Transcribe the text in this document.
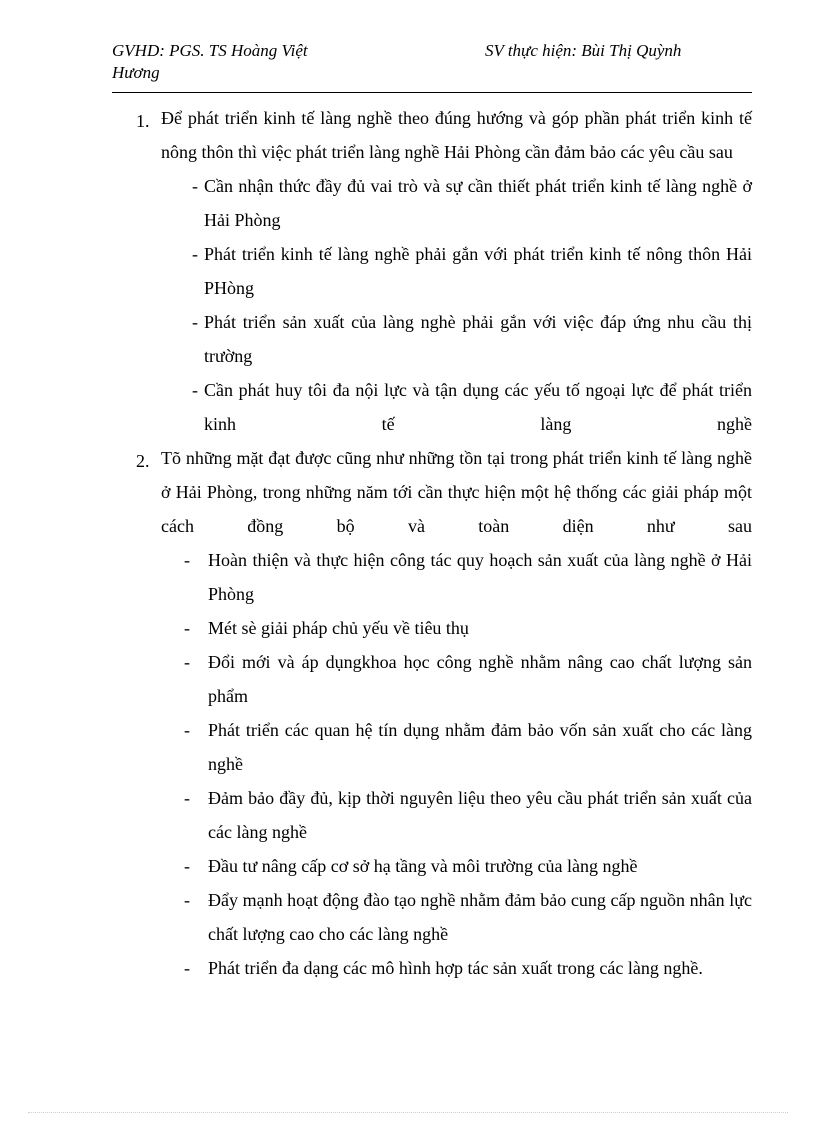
GVHD: PGS. TS Hoàng Việt Hương
SV thực hiện: Bùi Thị Quỳnh
1. Để phát triển kinh tế làng nghề theo đúng hướng và góp phần phát triển kinh tế nông thôn thì việc phát triển làng nghề Hải Phòng cần đảm bảo các yêu cầu sau
- Cần nhận thức đầy đủ vai trò và sự cần thiết phát triển kinh tế làng nghề ở Hải Phòng
- Phát triển kinh tế làng nghề phải gắn với phát triển kinh tế nông thôn Hải PHòng
- Phát triển sản xuất của làng nghè phải gắn với việc đáp ứng nhu cầu thị trường
- Cần phát huy tôi đa nội lực và tận dụng các yếu tố ngoại lực để phát triển kinh tế làng nghề
2. Tõ những mặt đạt được cũng như những tồn tại trong phát triển kinh tế làng nghề ở Hải Phòng, trong những năm tới cần thực hiện một hệ thống các giải pháp một cách đồng bộ và toàn diện như sau
- Hoàn thiện và thực hiện công tác quy hoạch sản xuất của làng nghề ở Hải Phòng
- Mét sè giải pháp chủ yếu về tiêu thụ
- Đổi mới và áp dụngkhoa học công nghề nhằm nâng cao chất lượng sản phẩm
- Phát triển các quan hệ tín dụng nhằm đảm bảo vốn sản xuất cho các làng nghề
- Đảm bảo đầy đủ, kịp thời nguyên liệu theo yêu cầu phát triển sản xuất của các làng nghề
- Đầu tư nâng cấp cơ sở hạ tầng và môi trường của làng nghề
- Đẩy mạnh hoạt động đào tạo nghề nhằm đảm bảo cung cấp nguồn nhân lực chất lượng cao cho các làng nghề
- Phát triển đa dạng các mô hình hợp tác sản xuất trong các làng nghề.
